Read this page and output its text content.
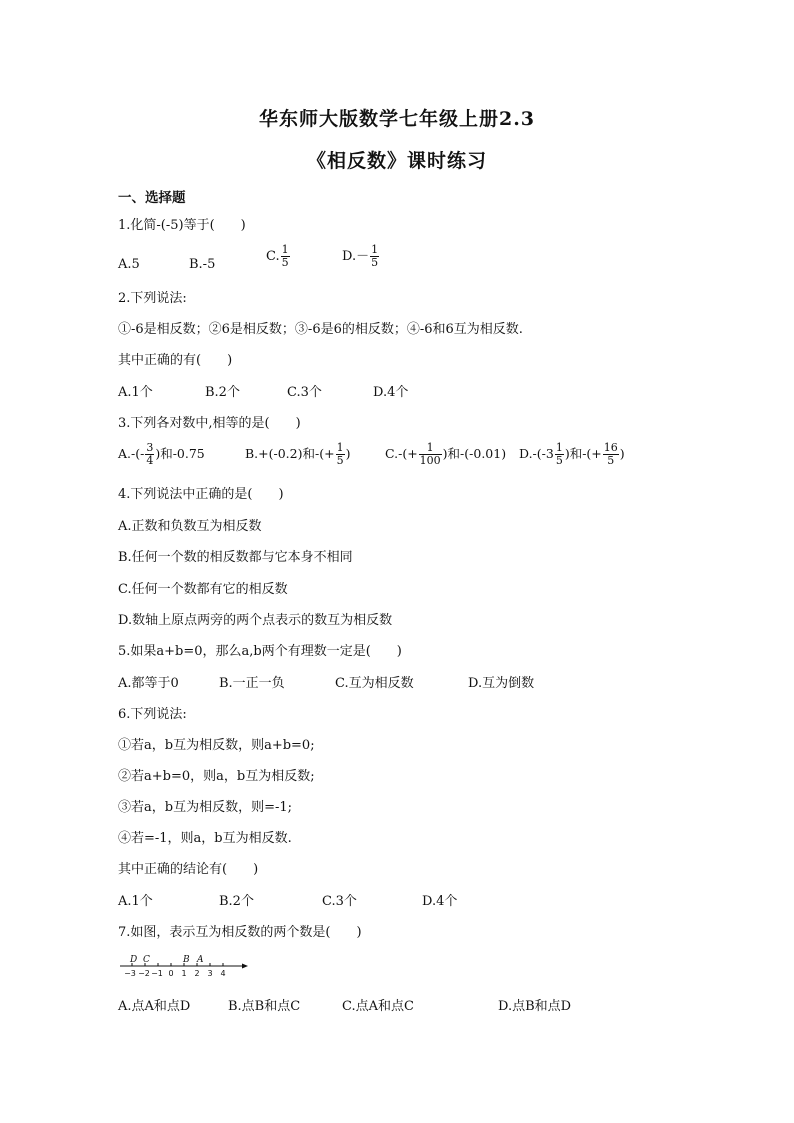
华东师大版数学七年级上册2.3
《相反数》课时练习
一、选择题
1.化简-(-5)等于(　　)
A.5	B.-5
C. $\frac{1}{5}$	$D.- \frac{1}{5}$
2.下列说法:
①-6是相反数；②6是相反数；③-6是6的相反数；④-6和6互为相反数.
其中正确的有(　　)
A.1个	B.2个	C.3个	D.4个
3.下列各对数中,相等的是(　　)
$A.-(- \frac{3}{4}$ )和-0.75	B.+(-0.2)和-(+ $\frac{1}{5}$ )	$C.-(+ \frac{1}{100}$ )和-(-0.01) $D.-(-3 \frac{1}{5}$ )和-(+ $\frac{16}{5}$ )
4.下列说法中正确的是(　　)
A.正数和负数互为相反数
B.任何一个数的相反数都与它本身不相同
C.任何一个数都有它的相反数
D.数轴上原点两旁的两个点表示的数互为相反数
5.如果a+b=0，那么a,b两个有理数一定是(　　)
A.都等于0	B.一正一负	C.互为相反数	D.互为倒数
6.下列说法:
①若a，b互为相反数，则a+b=0;
②若a+b=0，则a，b互为相反数;
③若a，b互为相反数，则=-1;
④若=-1，则a，b互为相反数.
其中正确的结论有(　　)
A.1个	B.2个	C.3个	D.4个
7.如图，表示互为相反数的两个数是(　　)
D C	B A
−3 −2 −1 0 1 2 3 4
A.点A和点D	B.点B和点C	C.点A和点C	D.点B和点D
